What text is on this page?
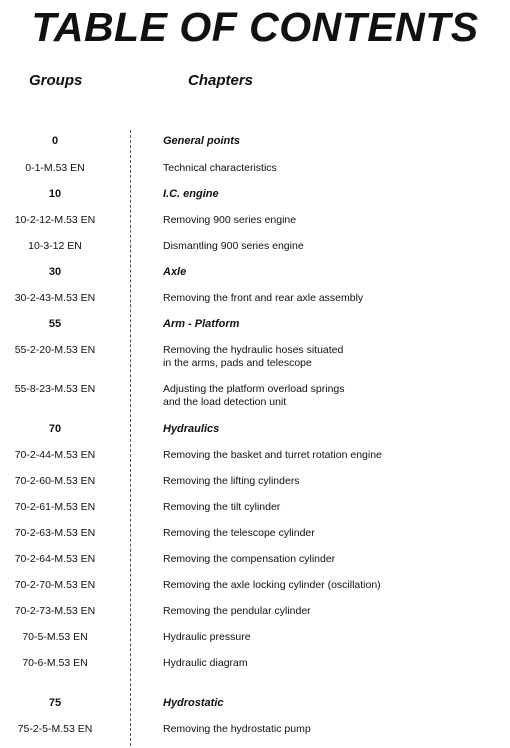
TABLE OF CONTENTS
Groups	Chapters
0	General points
0-1-M.53 EN	Technical characteristics
10	I.C. engine
10-2-12-M.53 EN	Removing 900 series engine
10-3-12 EN	Dismantling 900 series engine
30	Axle
30-2-43-M.53 EN	Removing the front and rear axle assembly
55	Arm - Platform
55-2-20-M.53 EN	Removing the hydraulic hoses situated
in the arms, pads and telescope
55-8-23-M.53 EN	Adjusting the platform overload springs
and the load detection unit
70	Hydraulics
70-2-44-M.53 EN	Removing the basket and turret rotation engine
70-2-60-M.53 EN	Removing the lifting cylinders
70-2-61-M.53 EN	Removing the tilt cylinder
70-2-63-M.53 EN	Removing the telescope cylinder
70-2-64-M.53 EN	Removing the compensation cylinder
70-2-70-M.53 EN	Removing the axle locking cylinder (oscillation)
70-2-73-M.53 EN	Removing the pendular cylinder
70-5-M.53 EN	Hydraulic pressure
70-6-M.53 EN	Hydraulic diagram
75	Hydrostatic
75-2-5-M.53 EN	Removing the hydrostatic pump
